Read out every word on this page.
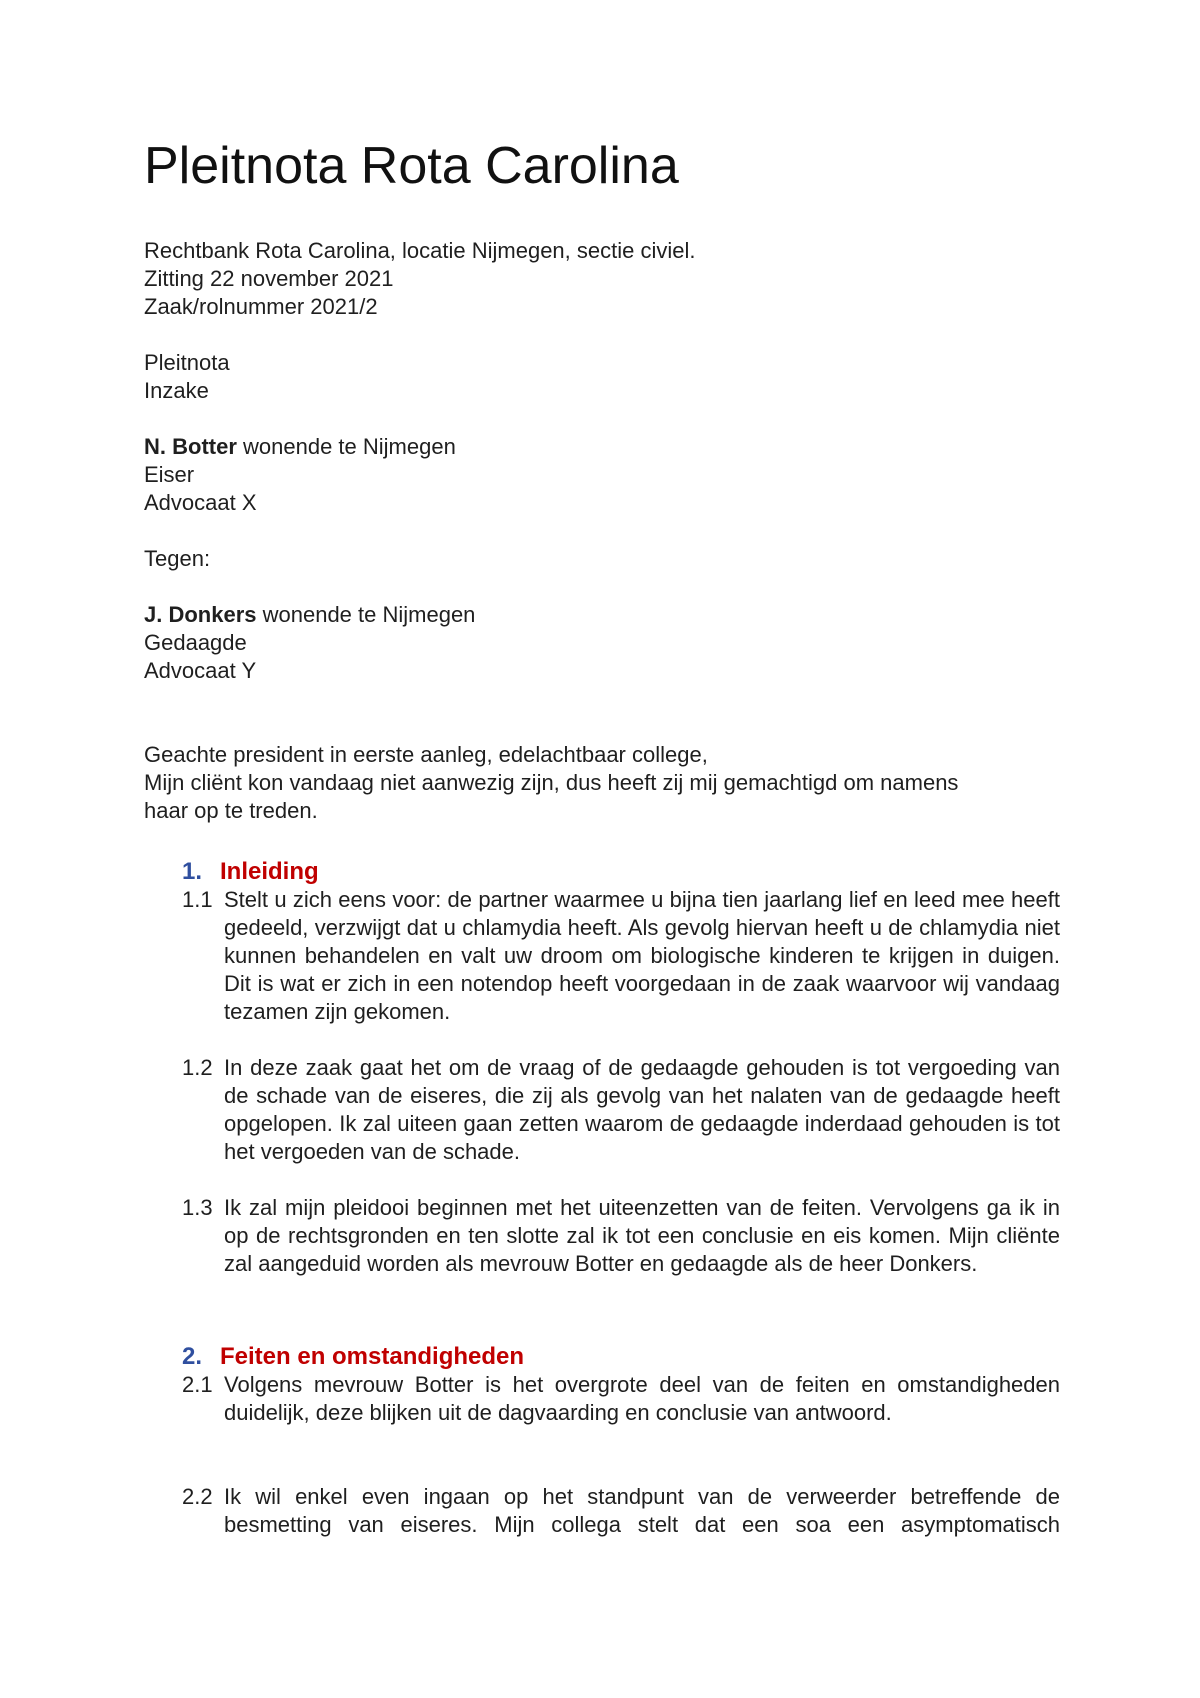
Pleitnota Rota Carolina
Rechtbank Rota Carolina, locatie Nijmegen, sectie civiel.
Zitting 22 november 2021
Zaak/rolnummer 2021/2
Pleitnota
Inzake
N. Botter wonende te Nijmegen
Eiser
Advocaat X
Tegen:
J. Donkers wonende te Nijmegen
Gedaagde
Advocaat Y
Geachte president in eerste aanleg, edelachtbaar college,
Mijn cliënt kon vandaag niet aanwezig zijn, dus heeft zij mij gemachtigd om namens
haar op te treden.
1. Inleiding
1.1 Stelt u zich eens voor: de partner waarmee u bijna tien jaarlang lief en leed mee heeft gedeeld, verzwijgt dat u chlamydia heeft. Als gevolg hiervan heeft u de chlamydia niet kunnen behandelen en valt uw droom om biologische kinderen te krijgen in duigen. Dit is wat er zich in een notendop heeft voorgedaan in de zaak waarvoor wij vandaag tezamen zijn gekomen.
1.2 In deze zaak gaat het om de vraag of de gedaagde gehouden is tot vergoeding van de schade van de eiseres, die zij als gevolg van het nalaten van de gedaagde heeft opgelopen. Ik zal uiteen gaan zetten waarom de gedaagde inderdaad gehouden is tot het vergoeden van de schade.
1.3 Ik zal mijn pleidooi beginnen met het uiteenzetten van de feiten. Vervolgens ga ik in op de rechtsgronden en ten slotte zal ik tot een conclusie en eis komen. Mijn cliënte zal aangeduid worden als mevrouw Botter en gedaagde als de heer Donkers.
2. Feiten en omstandigheden
2.1 Volgens mevrouw Botter is het overgrote deel van de feiten en omstandigheden duidelijk, deze blijken uit de dagvaarding en conclusie van antwoord.
2.2 Ik wil enkel even ingaan op het standpunt van de verweerder betreffende de besmetting van eiseres. Mijn collega stelt dat een soa een asymptomatisch
